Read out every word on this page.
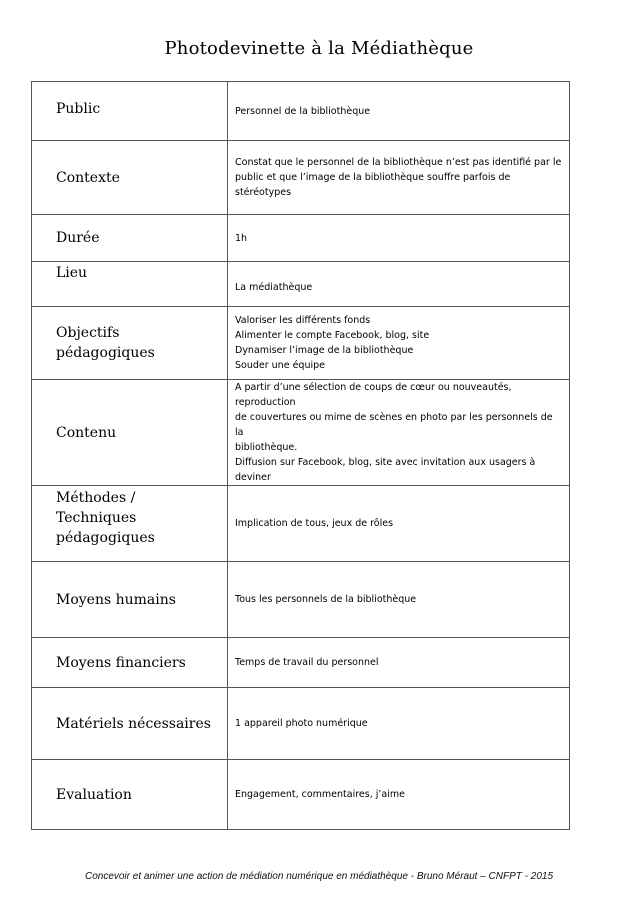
Photodevinette à la Médiathèque
Public	Personnel de la bibliothèque

Contexte	Constat que le personnel de la bibliothèque n’est pas identifié par le
public et que l’image de la bibliothèque souffre parfois de stéréotypes

Durée	1h

Lieu	La médiathèque

Objectifs
pédagogiques	Valoriser les différents fonds
Alimenter le compte Facebook, blog, site
Dynamiser l’image de la bibliothèque
Souder une équipe

Contenu	A partir d’une sélection de coups de cœur ou nouveautés, reproduction
de couvertures ou mime de scènes en photo par les personnels de la
bibliothèque.
Diffusion sur Facebook, blog, site avec invitation aux usagers à deviner

Méthodes /
Techniques
pédagogiques	Implication de tous, jeux de rôles

Moyens humains	Tous les personnels de la bibliothèque

Moyens financiers	Temps de travail du personnel

Matériels nécessaires	1 appareil photo numérique

Evaluation	Engagement, commentaires, j’aime
Concevoir et animer une action de médiation numérique en médiathèque - Bruno Méraut – CNFPT - 2015
